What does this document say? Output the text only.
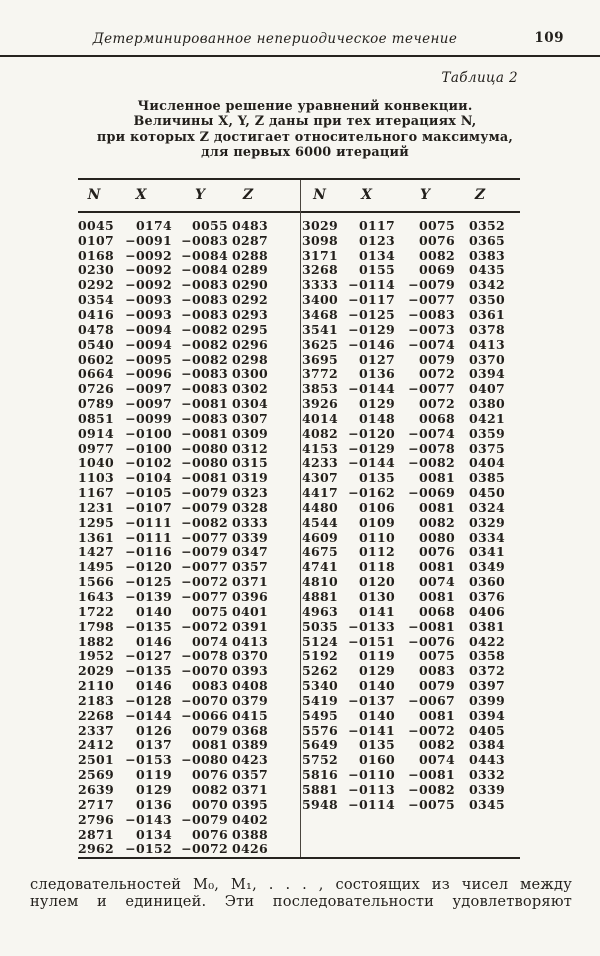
Детерминированное непериодическое течение	109
Таблица 2
Численное решение уравнений конвекции.
Величины X, Y, Z даны при тех итерациях N,
при которых Z достигает относительного максимума,
для первых 6000 итераций
N	X	Y	Z
0045	0174	0055 0483
0107 −0091 −0083 0287
0168 −0092 −0084 0288
0230 −0092 −0084 0289
0292 −0092 −0083 0290
0354 −0093 −0083 0292
0416 −0093 −0083 0293
0478 −0094 −0082 0295
0540 −0094 −0082 0296
0602 −0095 −0082 0298
0664 −0096 −0083 0300
0726 −0097 −0083 0302
0789 −0097 −0081 0304
0851 −0099 −0083 0307
0914 −0100 −0081 0309
0977 −0100 −0080 0312
1040 −0102 −0080 0315
1103 −0104 −0081 0319
1167 −0105 −0079 0323
1231 −0107 −0079 0328
1295 −0111 −0082 0333
1361 −0111 −0077 0339
1427 −0116 −0079 0347
1495 −0120 −0077 0357
1566 −0125 −0072 0371
1643 −0139 −0077 0396
1722	0140	0075 0401
1798 −0135 −0072 0391
1882	0146	0074 0413
1952 −0127 −0078 0370
2029 −0135 −0070 0393
2110	0146	0083 0408
2183 −0128 −0070 0379
2268 −0144 −0066 0415
2337	0126	0079 0368
2412	0137	0081 0389
2501 −0153 −0080 0423
2569	0119	0076 0357
2639	0129	0082 0371
2717	0136	0070 0395
2796 −0143 −0079 0402
2871	0134	0076 0388
2962 −0152 −0072 0426
N	X	Y	Z
3029	0117	0075	0352
3098	0123	0076	0365
3171	0134	0082	0383
3268	0155	0069	0435
3333 −0114	−0079	0342
3400 −0117	−0077	0350
3468 −0125	−0083	0361
3541 −0129	−0073	0378
3625 −0146	−0074	0413
3695	0127	0079	0370
3772	0136	0072	0394
3853 −0144	−0077	0407
3926	0129	0072	0380
4014	0148	0068	0421
4082 −0120	−0074	0359
4153 −0129	−0078	0375
4233 −0144	−0082	0404
4307	0135	0081	0385
4417 −0162	−0069	0450
4480	0106	0081	0324
4544	0109	0082	0329
4609	0110	0080	0334
4675	0112	0076	0341
4741	0118	0081	0349
4810	0120	0074	0360
4881	0130	0081	0376
4963	0141	0068	0406
5035 −0133	−0081	0381
5124 −0151	−0076	0422
5192	0119	0075	0358
5262	0129	0083	0372
5340	0140	0079	0397
5419 −0137	−0067	0399
5495	0140	0081	0394
5576 −0141	−0072	0405
5649	0135	0082	0384
5752	0160	0074	0443
5816 −0110	−0081	0332
5881 −0113	−0082	0339
5948 −0114	−0075	0345
следовательностей M₀, M₁, . . . , состоящих из чисел между
нулем и единицей. Эти последовательности удовлетворяют
